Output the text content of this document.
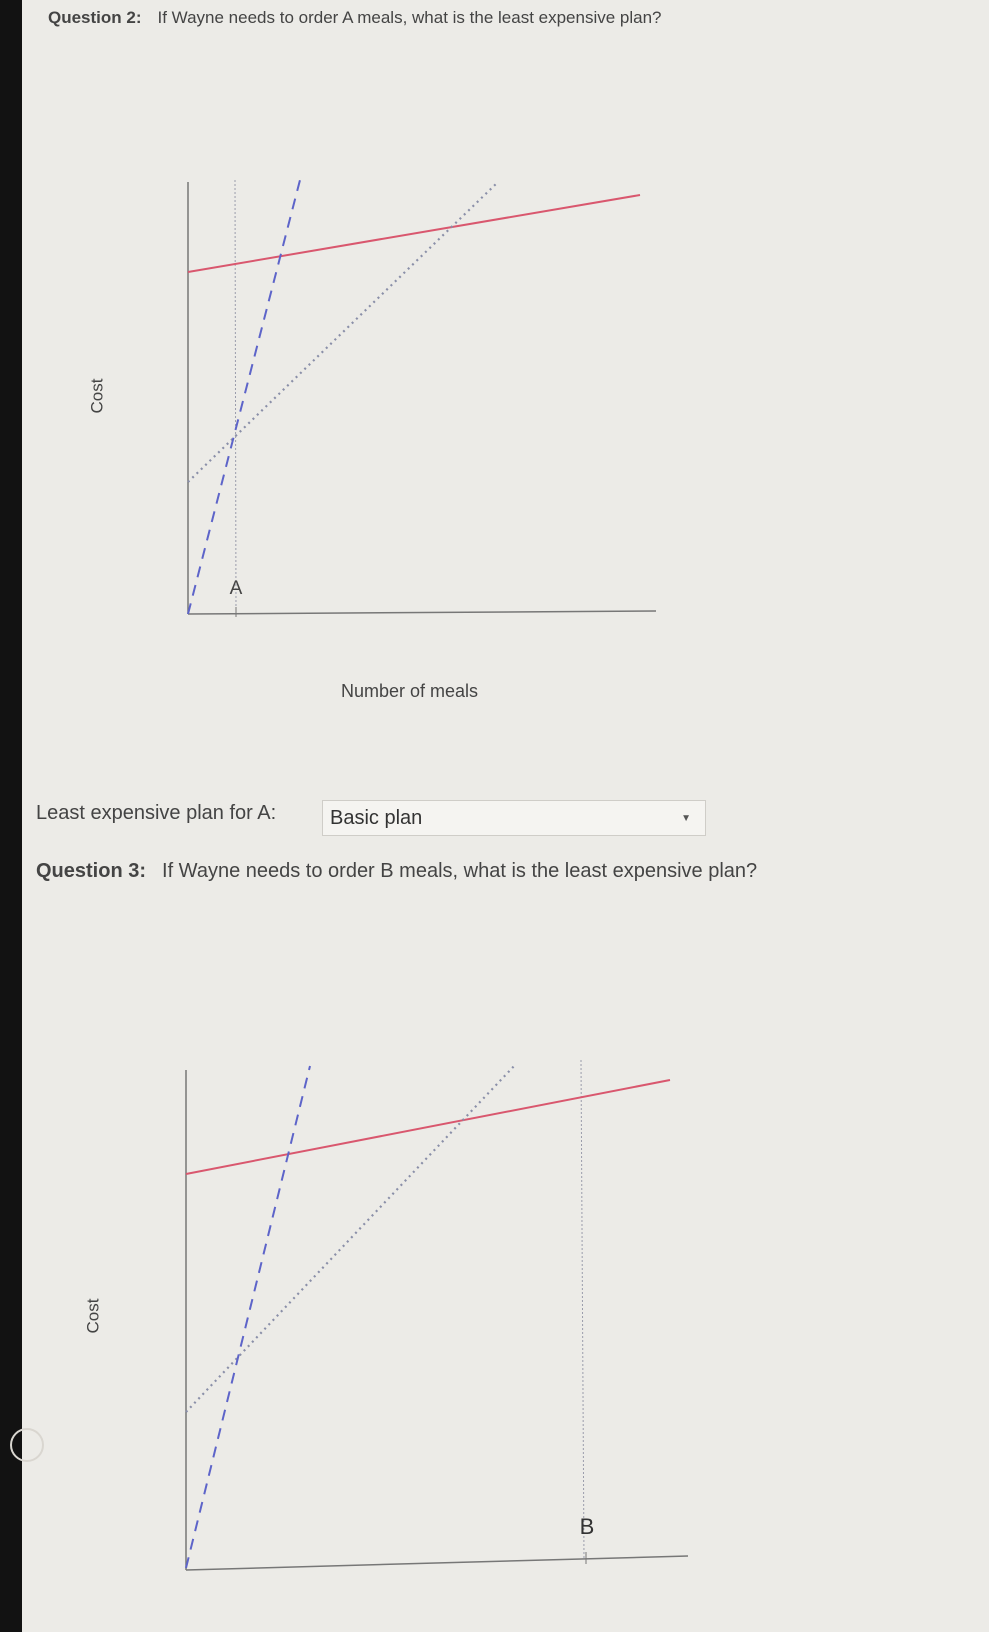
Question 2: If Wayne needs to order A meals, what is the least expensive plan?
Cost
A
Number of meals
Least expensive plan for A:	Basic plan	▼
Question 3: If Wayne needs to order B meals, what is the least expensive plan?
Cost
B
